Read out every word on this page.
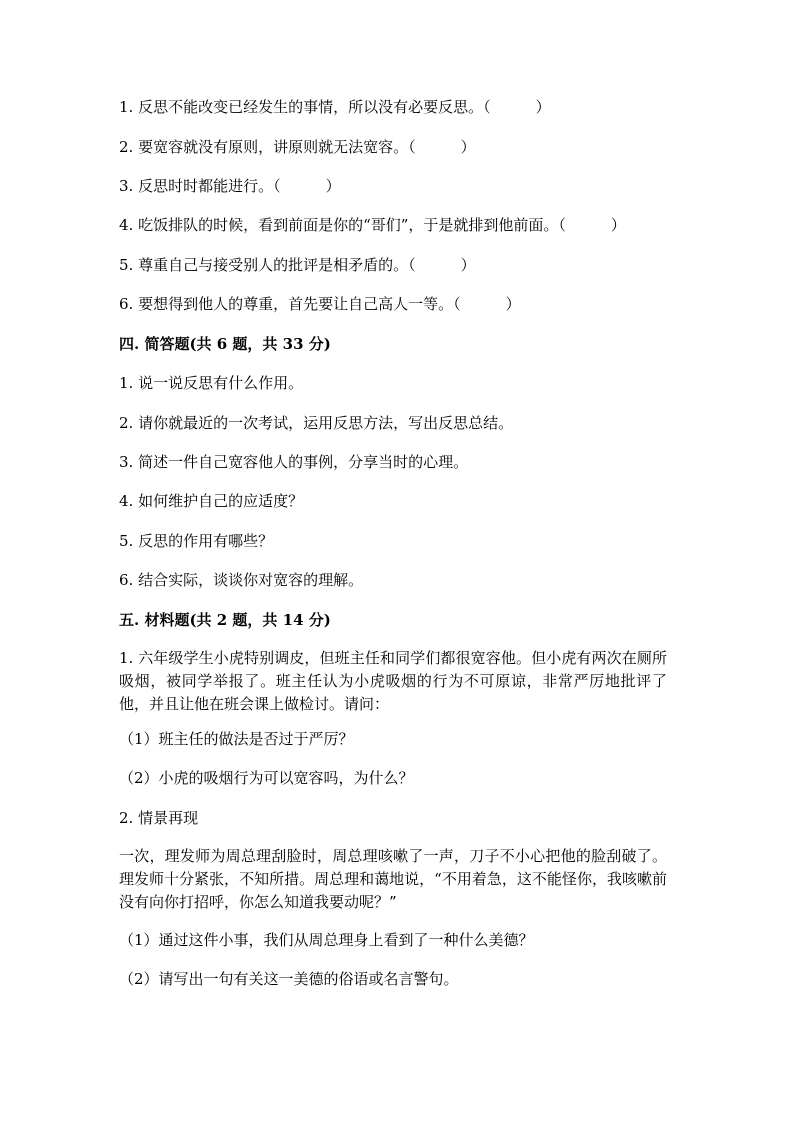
1. 反思不能改变已经发生的事情，所以没有必要反思。（　　　）
2. 要宽容就没有原则，讲原则就无法宽容。（　　　）
3. 反思时时都能进行。（　　　）
4. 吃饭排队的时候，看到前面是你的“哥们”，于是就排到他前面。（　　　）
5. 尊重自己与接受别人的批评是相矛盾的。（　　　）
6. 要想得到他人的尊重，首先要让自己高人一等。（　　　）
四. 简答题(共 6 题，共 33 分)
1. 说一说反思有什么作用。
2. 请你就最近的一次考试，运用反思方法，写出反思总结。
3. 简述一件自己宽容他人的事例，分享当时的心理。
4. 如何维护自己的应适度？
5. 反思的作用有哪些？
6. 结合实际，谈谈你对宽容的理解。
五. 材料题(共 2 题，共 14 分)
1. 六年级学生小虎特别调皮，但班主任和同学们都很宽容他。但小虎有两次在厕所吸烟，被同学举报了。班主任认为小虎吸烟的行为不可原谅，非常严厉地批评了他，并且让他在班会课上做检讨。请问：
（1）班主任的做法是否过于严厉？
（2）小虎的吸烟行为可以宽容吗，为什么？
2. 情景再现
一次，理发师为周总理刮脸时，周总理咳嗽了一声，刀子不小心把他的脸刮破了。理发师十分紧张，不知所措。周总理和蔼地说，“不用着急，这不能怪你，我咳嗽前没有向你打招呼，你怎么知道我要动呢？”
（1）通过这件小事，我们从周总理身上看到了一种什么美德？
（2）请写出一句有关这一美德的俗语或名言警句。
